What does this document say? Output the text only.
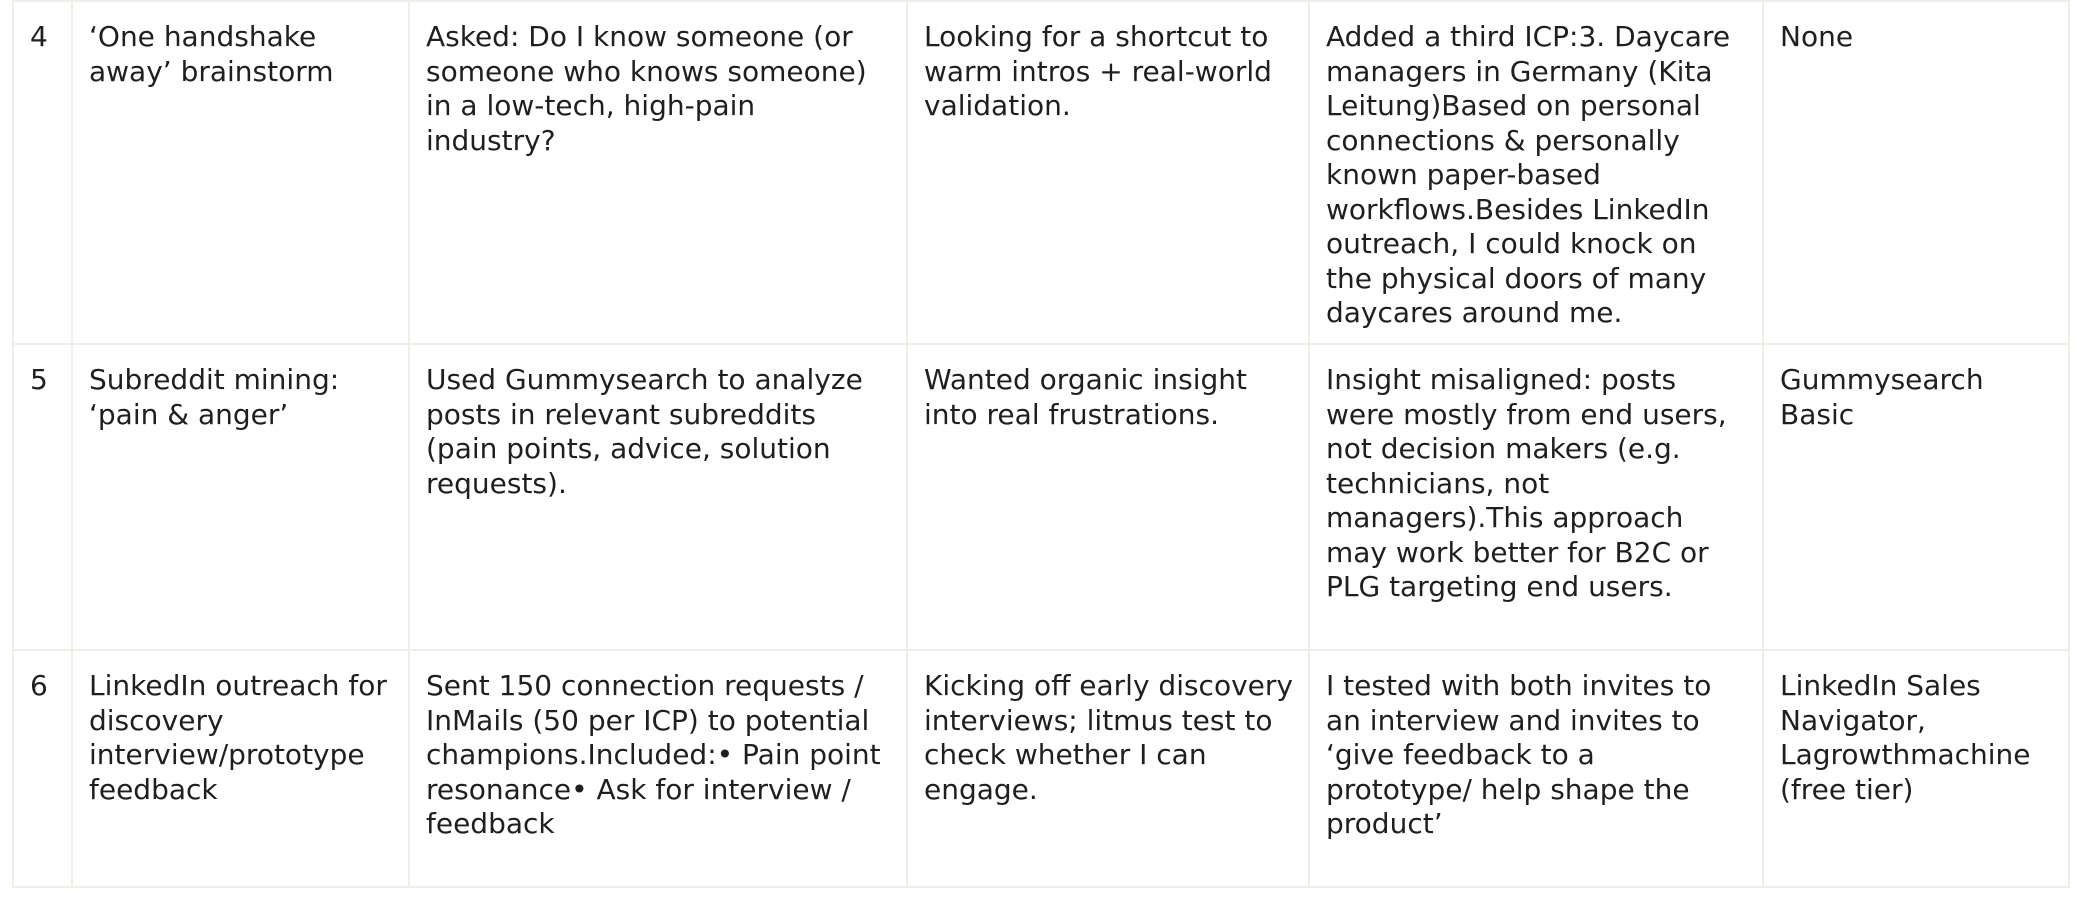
4	‘One handshake away’ brainstorm	Asked: Do I know someone (or someone who knows someone) in a low-tech, high-pain industry?	Looking for a shortcut to warm intros + real-world validation.	Added a third ICP:3. Daycare managers in Germany (Kita Leitung)Based on personal connections & personally known paper-based workflows.Besides LinkedIn outreach, I could knock on the physical doors of many daycares around me.	None
5	Subreddit mining: ‘pain & anger’	Used Gummysearch to analyze posts in relevant subreddits (pain points, advice, solution requests).	Wanted organic insight into real frustrations.	Insight misaligned: posts were mostly from end users, not decision makers (e.g. technicians, not managers).This approach may work better for B2C or PLG targeting end users.	Gummysearch Basic
6	LinkedIn outreach for discovery interview/prototype feedback	Sent 150 connection requests / InMails (50 per ICP) to potential champions.Included:• Pain point resonance• Ask for interview / feedback	Kicking off early discovery interviews; litmus test to check whether I can engage.	I tested with both invites to an interview and invites to ‘give feedback to a prototype/ help shape the product’	LinkedIn Sales Navigator, Lagrowthmachine (free tier)
